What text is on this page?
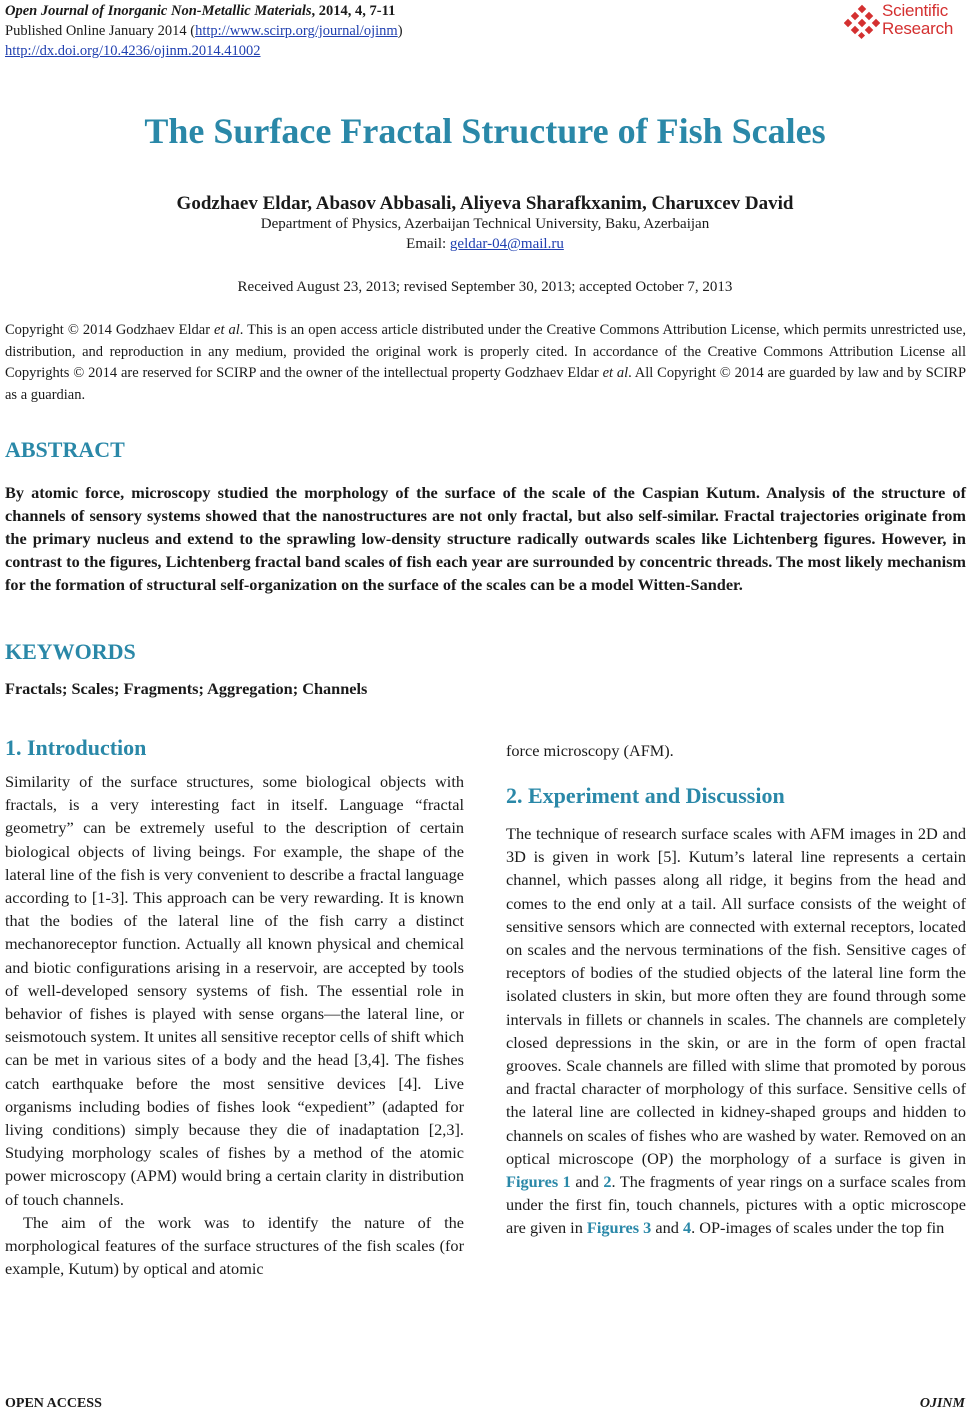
Open Journal of Inorganic Non-Metallic Materials, 2014, 4, 7-11
Published Online January 2014 (http://www.scirp.org/journal/ojinm)
http://dx.doi.org/10.4236/ojinm.2014.41002
Scientific
Research
The Surface Fractal Structure of Fish Scales
Godzhaev Eldar, Abasov Abbasali, Aliyeva Sharafkxanim, Charuxcev David
Department of Physics, Azerbaijan Technical University, Baku, Azerbaijan
Email: geldar-04@mail.ru
Received August 23, 2013; revised September 30, 2013; accepted October 7, 2013
Copyright © 2014 Godzhaev Eldar et al. This is an open access article distributed under the Creative Commons Attribution License, which permits unrestricted use, distribution, and reproduction in any medium, provided the original work is properly cited. In accordance of the Creative Commons Attribution License all Copyrights © 2014 are reserved for SCIRP and the owner of the intellectual property Godzhaev Eldar et al. All Copyright © 2014 are guarded by law and by SCIRP as a guardian.
ABSTRACT
By atomic force, microscopy studied the morphology of the surface of the scale of the Caspian Kutum. Analysis of the structure of channels of sensory systems showed that the nanostructures are not only fractal, but also self-similar. Fractal trajectories originate from the primary nucleus and extend to the sprawling low-density structure radically outwards scales like Lichtenberg figures. However, in contrast to the figures, Lichtenberg fractal band scales of fish each year are surrounded by concentric threads. The most likely mechanism for the formation of structural self-organization on the surface of the scales can be a model Witten-Sander.
KEYWORDS
Fractals; Scales; Fragments; Aggregation; Channels
1. Introduction

Similarity of the surface structures, some biological objects with fractals, is a very interesting fact in itself. Language “fractal geometry” can be extremely useful to the description of certain biological objects of living beings. For example, the shape of the lateral line of the fish is very convenient to describe a fractal language according to [1-3]. This approach can be very rewarding. It is known that the bodies of the lateral line of the fish carry a distinct mechanoreceptor function. Actually all known physical and chemical and biotic configurations arising in a reservoir, are accepted by tools of well-developed sensory systems of fish. The essential role in behavior of fishes is played with sense organs—the lateral line, or seismotouch system. It unites all sensitive receptor cells of shift which can be met in various sites of a body and the head [3,4]. The fishes catch earthquake before the most sensitive devices [4]. Live organisms including bodies of fishes look “expedient” (adapted for living conditions) simply because they die of inadaptation [2,3]. Studying morphology scales of fishes by a method of the atomic power microscopy (APM) would bring a certain clarity in distribution of touch channels.

The aim of the work was to identify the nature of the morphological features of the surface structures of the fish scales (for example, Kutum) by optical and atomic

force microscopy (AFM).
2. Experiment and Discussion

The technique of research surface scales with AFM images in 2D and 3D is given in work [5]. Kutum’s lateral line represents a certain channel, which passes along all ridge, it begins from the head and comes to the end only at a tail. All surface consists of the weight of sensitive sensors which are connected with external receptors, located on scales and the nervous terminations of the fish. Sensitive cages of receptors of bodies of the studied objects of the lateral line form the isolated clusters in skin, but more often they are found through some intervals in fillets or channels in scales. The channels are completely closed depressions in the skin, or are in the form of open fractal grooves. Scale channels are filled with slime that promoted by porous and fractal character of morphology of this surface. Sensitive cells of the lateral line are collected in kidney-shaped groups and hidden to channels on scales of fishes who are washed by water. Removed on an optical microscope (OP) the morphology of a surface is given in Figures 1 and 2. The fragments of year rings on a surface scales from under the first fin, touch channels, pictures with a optic microscope are given in Figures 3 and 4. OP-images of scales under the top fin

OPEN ACCESS	OJINM
